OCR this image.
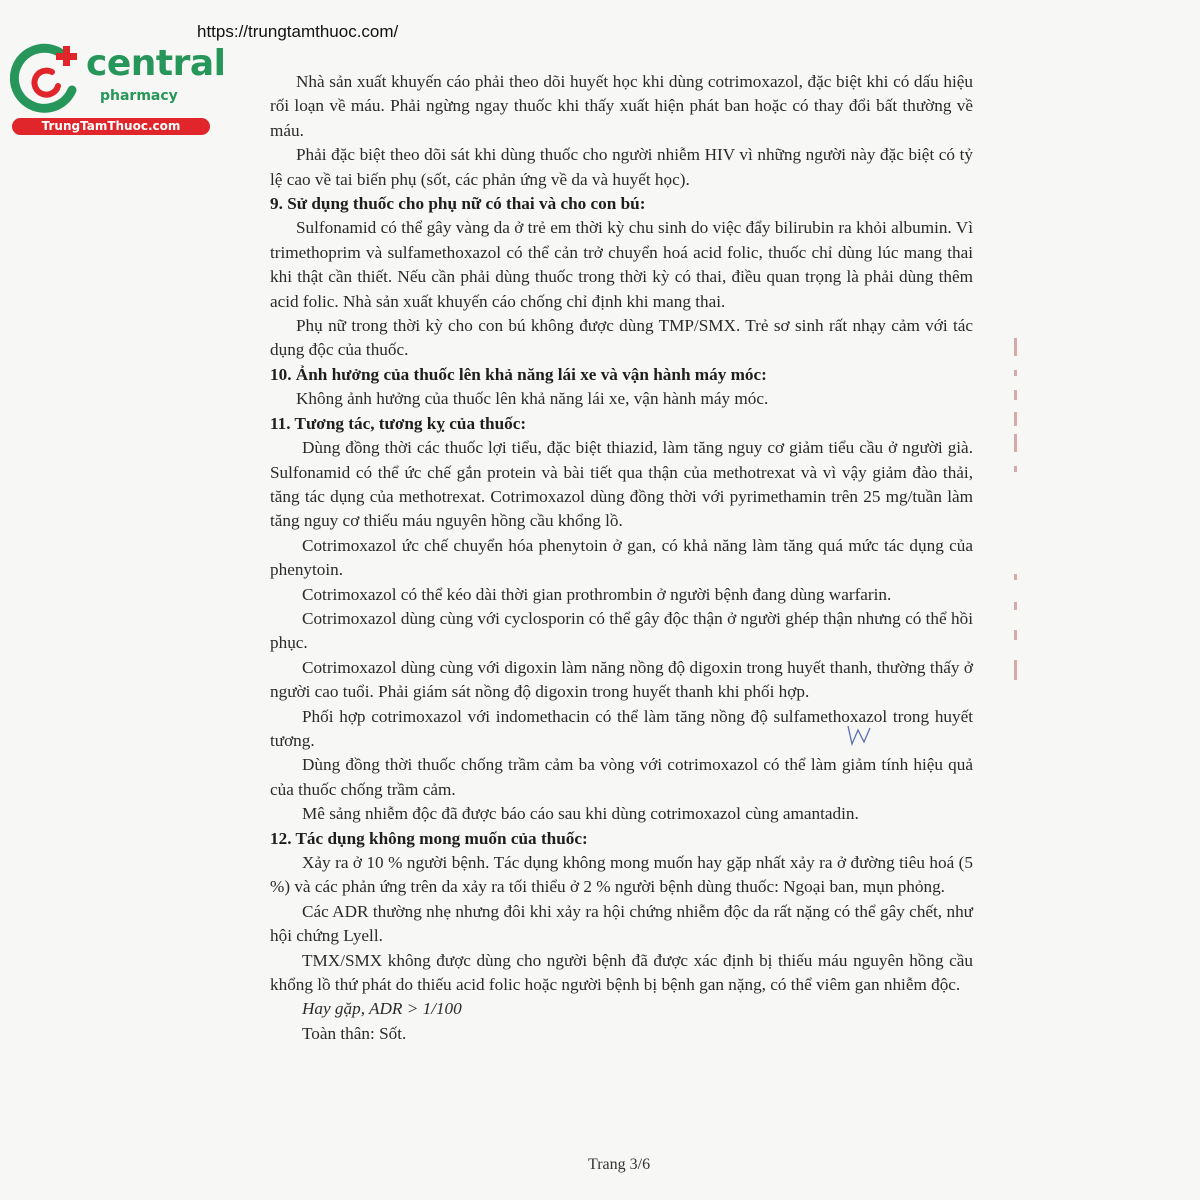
https://trungtamthuoc.com/
central
pharmacy
TrungTamThuoc.com

Nhà sản xuất khuyến cáo phải theo dõi huyết học khi dùng cotrimoxazol, đặc biệt khi có dấu hiệu rối loạn về máu. Phải ngừng ngay thuốc khi thấy xuất hiện phát ban hoặc có thay đổi bất thường về máu.

Phải đặc biệt theo dõi sát khi dùng thuốc cho người nhiễm HIV vì những người này đặc biệt có tỷ lệ cao về tai biến phụ (sốt, các phản ứng về da và huyết học).

9. Sử dụng thuốc cho phụ nữ có thai và cho con bú:

Sulfonamid có thể gây vàng da ở trẻ em thời kỳ chu sinh do việc đẩy bilirubin ra khỏi albumin. Vì trimethoprim và sulfamethoxazol có thể cản trở chuyển hoá acid folic, thuốc chỉ dùng lúc mang thai khi thật cần thiết. Nếu cần phải dùng thuốc trong thời kỳ có thai, điều quan trọng là phải dùng thêm acid folic. Nhà sản xuất khuyến cáo chống chỉ định khi mang thai.

Phụ nữ trong thời kỳ cho con bú không được dùng TMP/SMX. Trẻ sơ sinh rất nhạy cảm với tác dụng độc của thuốc.

10. Ảnh hưởng của thuốc lên khả năng lái xe và vận hành máy móc:

Không ảnh hưởng của thuốc lên khả năng lái xe, vận hành máy móc.

11. Tương tác, tương kỵ của thuốc:

Dùng đồng thời các thuốc lợi tiểu, đặc biệt thiazid, làm tăng nguy cơ giảm tiểu cầu ở người già. Sulfonamid có thể ức chế gắn protein và bài tiết qua thận của methotrexat và vì vậy giảm đào thải, tăng tác dụng của methotrexat. Cotrimoxazol dùng đồng thời với pyrimethamin trên 25 mg/tuần làm tăng nguy cơ thiếu máu nguyên hồng cầu khổng lồ.

Cotrimoxazol ức chế chuyển hóa phenytoin ở gan, có khả năng làm tăng quá mức tác dụng của phenytoin.

Cotrimoxazol có thể kéo dài thời gian prothrombin ở người bệnh đang dùng warfarin.

Cotrimoxazol dùng cùng với cyclosporin có thể gây độc thận ở người ghép thận nhưng có thể hồi phục.

Cotrimoxazol dùng cùng với digoxin làm năng nồng độ digoxin trong huyết thanh, thường thấy ở người cao tuổi. Phải giám sát nồng độ digoxin trong huyết thanh khi phối hợp.

Phối hợp cotrimoxazol với indomethacin có thể làm tăng nồng độ sulfamethoxazol trong huyết tương.

Dùng đồng thời thuốc chống trầm cảm ba vòng với cotrimoxazol có thể làm giảm tính hiệu quả của thuốc chống trầm cảm.

Mê sảng nhiễm độc đã được báo cáo sau khi dùng cotrimoxazol cùng amantadin.

12. Tác dụng không mong muốn của thuốc:

Xảy ra ở 10 % người bệnh. Tác dụng không mong muốn hay gặp nhất xảy ra ở đường tiêu hoá (5 %) và các phản ứng trên da xảy ra tối thiểu ở 2 % người bệnh dùng thuốc: Ngoại ban, mụn phỏng.

Các ADR thường nhẹ nhưng đôi khi xảy ra hội chứng nhiễm độc da rất nặng có thể gây chết, như hội chứng Lyell.

TMX/SMX không được dùng cho người bệnh đã được xác định bị thiếu máu nguyên hồng cầu khổng lồ thứ phát do thiếu acid folic hoặc người bệnh bị bệnh gan nặng, có thể viêm gan nhiễm độc.

Hay gặp, ADR > 1/100

Toàn thân: Sốt.

Trang 3/6
